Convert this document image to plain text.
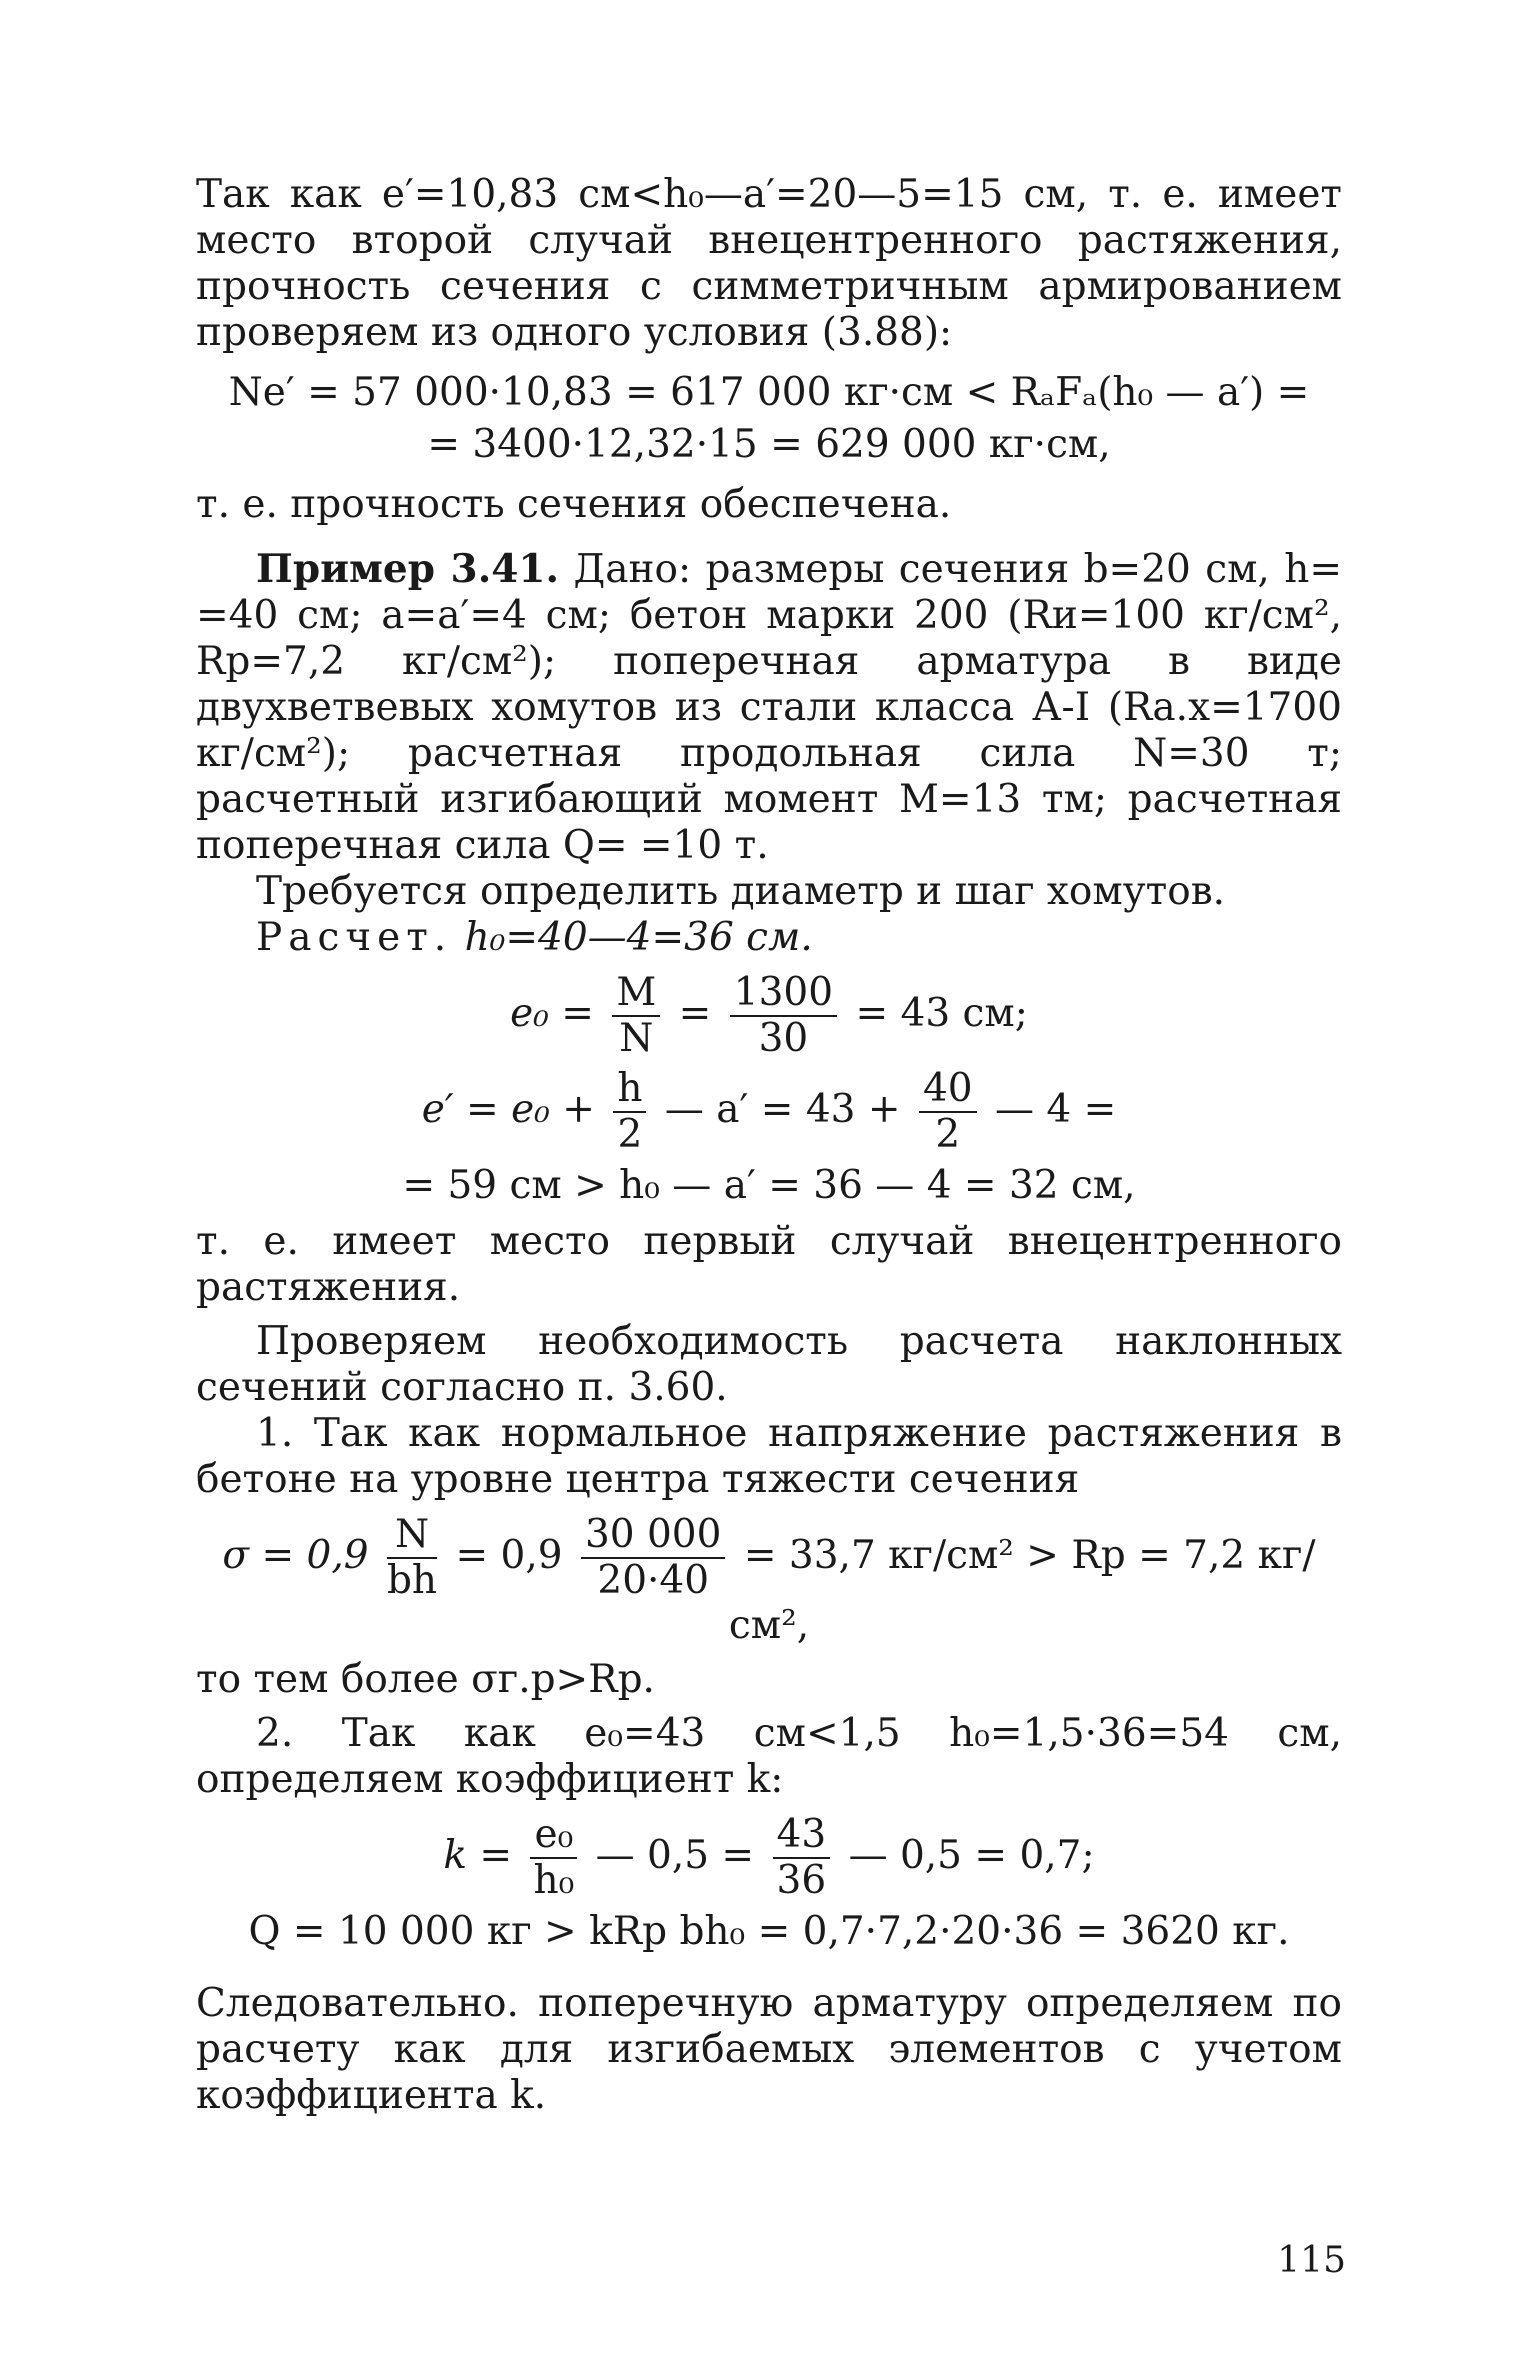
Так как e′=10,83 см<h₀—a′=20—5=15 см, т. е. имеет место второй случай внецентренного растяжения, прочность сечения с симметричным армированием проверяем из одного условия (3.88):

Ne′ = 57 000·10,83 = 617 000 кг·см < RₐFₐ(h₀ — a′) =
= 3400·12,32·15 = 629 000 кг·см,

т. е. прочность сечения обеспечена.

Пример 3.41. Дано: размеры сечения b=20 см, h= =40 см; a=a′=4 см; бетон марки 200 (Rи=100 кг/см², Rр=7,2 кг/см²); поперечная арматура в виде двухветвевых хомутов из стали класса А-I (Rа.х=1700 кг/см²); расчетная продольная сила N=30 т; расчетный изгибающий момент M=13 тм; расчетная поперечная сила Q= =10 т.

Требуется определить диаметр и шаг хомутов.

Расчет. h₀=40—4=36 см.

$e_0 = \frac{M}{N} = \frac{1300}{30} = 43$ см;
$e' = e_0 + \frac{h}{2}$ — $a' = 43 + \frac{40}{2}$ — 4 =
= 59 см > h₀ — a′ = 36 — 4 = 32 см,

т. е. имеет место первый случай внецентренного растяжения.

Проверяем необходимость расчета наклонных сечений согласно п. 3.60.

1. Так как нормальное напряжение растяжения в бетоне на уровне центра тяжести сечения

$\sigma = 0,9 \frac{N}{bh} = 0,9 \frac{30 000}{20\cdot 40} = 33,7$ кг/см² > Rр = 7,2 кг/см²,

то тем более σг.р>Rр.

2. Так как e₀=43 см<1,5 h₀=1,5·36=54 см, определяем коэффициент k:

$k = \frac{\text{e₀}}{\text{h₀}}$ — $0,5 = \frac{43}{36}$ — 0,5 = 0,7;
Q = 10 000 кг > kRр bh₀ = 0,7·7,2·20·36 = 3620 кг.

Следовательно. поперечную арматуру определяем по расчету как для изгибаемых элементов с учетом коэффициента k.

115
